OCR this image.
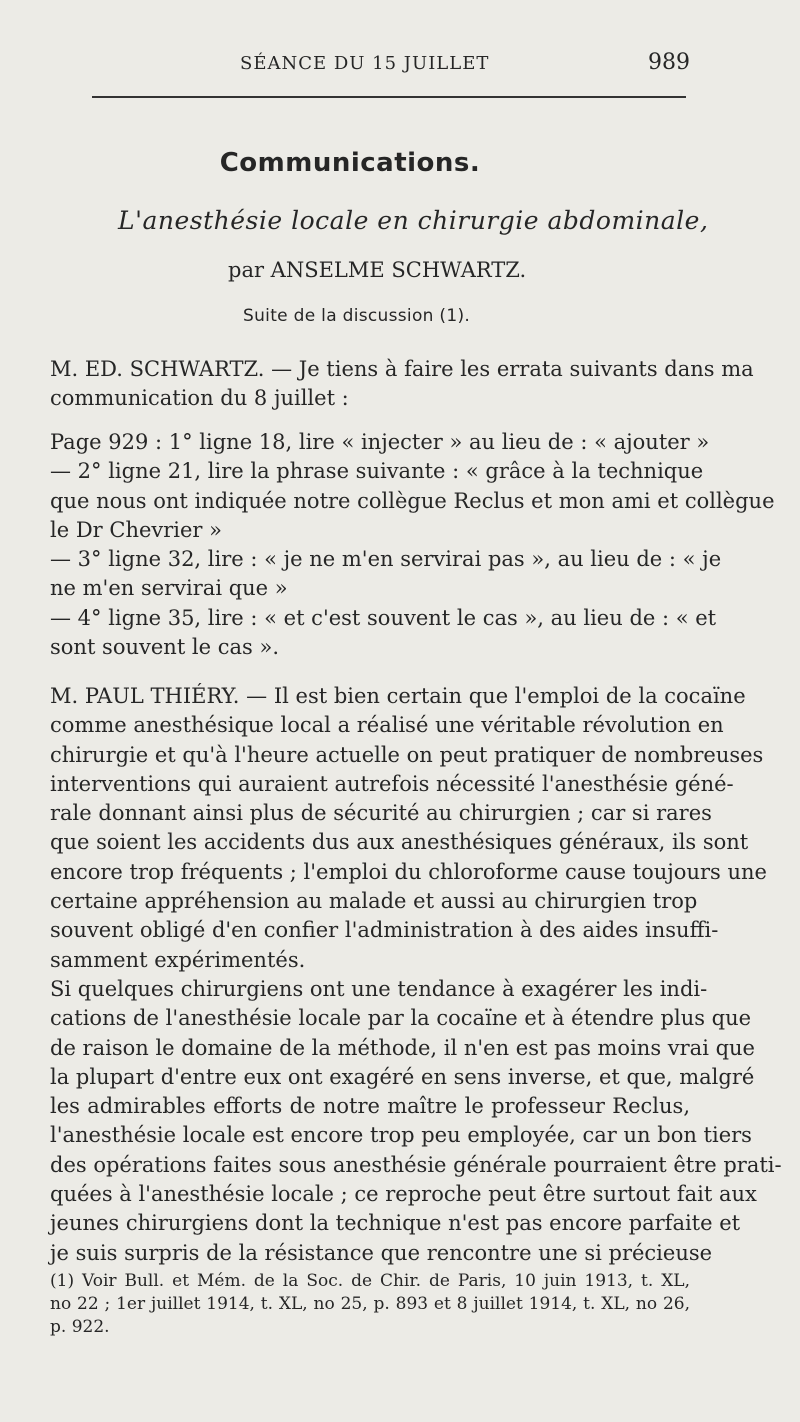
SÉANCE DU 15 JUILLET	989
Communications.
L'anesthésie locale en chirurgie abdominale,
par ANSELME SCHWARTZ.
Suite de la discussion (1).
M. ED. SCHWARTZ. — Je tiens à faire les errata suivants dans ma
communication du 8 juillet :
Page 929 : 1° ligne 18, lire « injecter » au lieu de : « ajouter »
— 2° ligne 21, lire la phrase suivante : « grâce à la technique
que nous ont indiquée notre collègue Reclus et mon ami et collègue
le Dr Chevrier »
— 3° ligne 32, lire : « je ne m'en servirai pas », au lieu de : « je
ne m'en servirai que »
— 4° ligne 35, lire : « et c'est souvent le cas », au lieu de : « et
sont souvent le cas ».
M. PAUL THIÉRY. — Il est bien certain que l'emploi de la cocaïne
comme anesthésique local a réalisé une véritable révolution en
chirurgie et qu'à l'heure actuelle on peut pratiquer de nombreuses
interventions qui auraient autrefois nécessité l'anesthésie géné-
rale donnant ainsi plus de sécurité au chirurgien ; car si rares
que soient les accidents dus aux anesthésiques généraux, ils sont
encore trop fréquents ; l'emploi du chloroforme cause toujours une
certaine appréhension au malade et aussi au chirurgien trop
souvent obligé d'en confier l'administration à des aides insuffi-
samment expérimentés.
Si quelques chirurgiens ont une tendance à exagérer les indi-
cations de l'anesthésie locale par la cocaïne et à étendre plus que
de raison le domaine de la méthode, il n'en est pas moins vrai que
la plupart d'entre eux ont exagéré en sens inverse, et que, malgré
les admirables efforts de notre maître le professeur Reclus,
l'anesthésie locale est encore trop peu employée, car un bon tiers
des opérations faites sous anesthésie générale pourraient être prati-
quées à l'anesthésie locale ; ce reproche peut être surtout fait aux
jeunes chirurgiens dont la technique n'est pas encore parfaite et
je suis surpris de la résistance que rencontre une si précieuse
(1) Voir Bull. et Mém. de la Soc. de Chir. de Paris, 10 juin 1913, t. XL,
no 22 ; 1er juillet 1914, t. XL, no 25, p. 893 et 8 juillet 1914, t. XL, no 26,
p. 922.
